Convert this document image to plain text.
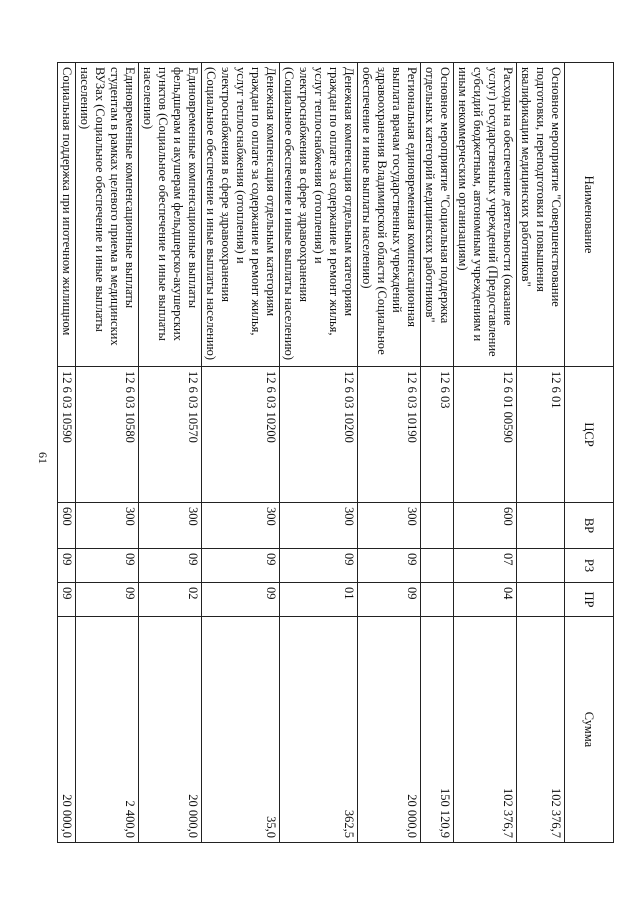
61
Наименование	ЦСР	ВР	РЗ	ПР	Сумма
Основное мероприятие "Совершенствование подготовки, переподготовки и повышения квалификации медицинских работников"	12 6 01				102 376,7
Расходы на обеспечение деятельности (оказание услуг) государственных учреждений (Предоставление субсидий бюджетным, автономным учреждениям и иным некоммерческим организациям)	12 6 01 00590	600	07	04	102 376,7
Основное мероприятие "Социальная поддержка отдельных категорий медицинских работников"	12 6 03				150 120,9
Региональная единовременная компенсационная выплата врачам государственных учреждений здравоохранения Владимирской области (Социальное обеспечение и иные выплаты населению)	12 6 03 10190	300	09	09	20 000,0
Денежная компенсация отдельным категориям граждан по оплате за содержание и ремонт жилья, услуг теплоснабжения (отопления) и электроснабжения в сфере здравоохранения (Социальное обеспечение и иные выплаты населению)	12 6 03 10200	300	09	01	362,5
Денежная компенсация отдельным категориям граждан по оплате за содержание и ремонт жилья, услуг теплоснабжения (отопления) и электроснабжения в сфере здравоохранения (Социальное обеспечение и иные выплаты населению)	12 6 03 10200	300	09	09	35,0
Единовременные компенсационные выплаты фельдшерам и акушерам фельдшерско-акушерских пунктов (Социальное обеспечение и иные выплаты населению)	12 6 03 10570	300	09	02	20 000,0
Единовременные компенсационные выплаты студентам в рамках целевого приема в медицинских ВУЗах (Социальное обеспечение и иные выплаты населению)	12 6 03 10580	300	09	09	2 400,0
Социальная поддержка при ипотечном жилищном	12 6 03 10590	600	09	09	20 000,0
